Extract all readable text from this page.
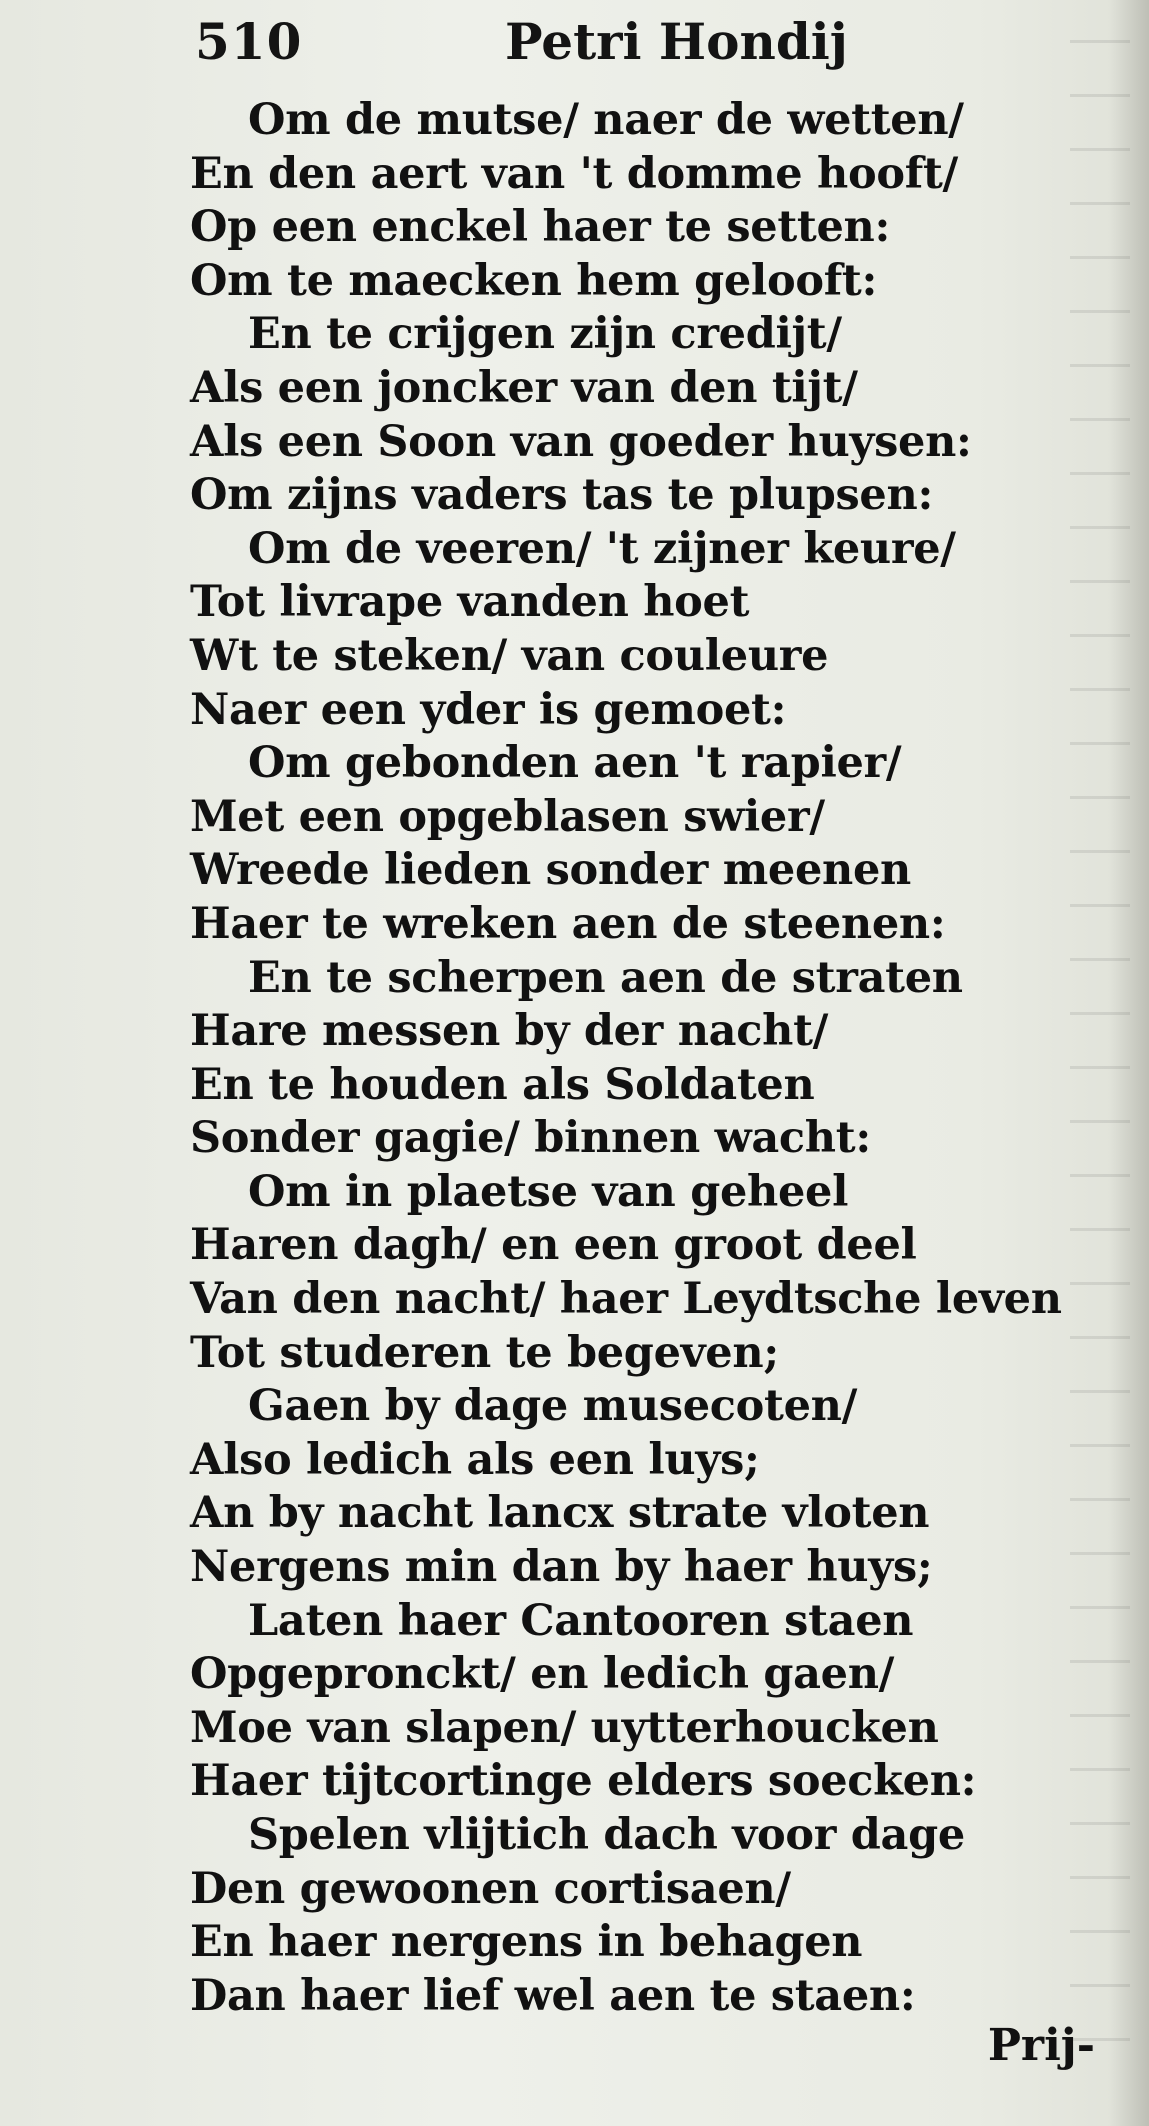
510	Petri Hondij
Om de mutse/ naer de wetten/
En den aert van 't domme hooft/
Op een enckel haer te setten:
Om te maecken hem gelooft:
En te crijgen zijn credijt/
Als een joncker van den tijt/
Als een Soon van goeder huysen:
Om zijns vaders tas te plupsen:
Om de veeren/ 't zijner keure/
Tot livrape vanden hoet
Wt te steken/ van couleure
Naer een yder is gemoet:
Om gebonden aen 't rapier/
Met een opgeblasen swier/
Wreede lieden sonder meenen
Haer te wreken aen de steenen:
En te scherpen aen de straten
Hare messen by der nacht/
En te houden als Soldaten
Sonder gagie/ binnen wacht:
Om in plaetse van geheel
Haren dagh/ en een groot deel
Van den nacht/ haer Leydtsche leven
Tot studeren te begeven;
Gaen by dage musecoten/
Also ledich als een luys;
An by nacht lancx strate vloten
Nergens min dan by haer huys;
Laten haer Cantooren staen
Opgepronckt/ en ledich gaen/
Moe van slapen/ uytterhoucken
Haer tijtcortinge elders soecken:
Spelen vlijtich dach voor dage
Den gewoonen cortisaen/
En haer nergens in behagen
Dan haer lief wel aen te staen:
Prij-
